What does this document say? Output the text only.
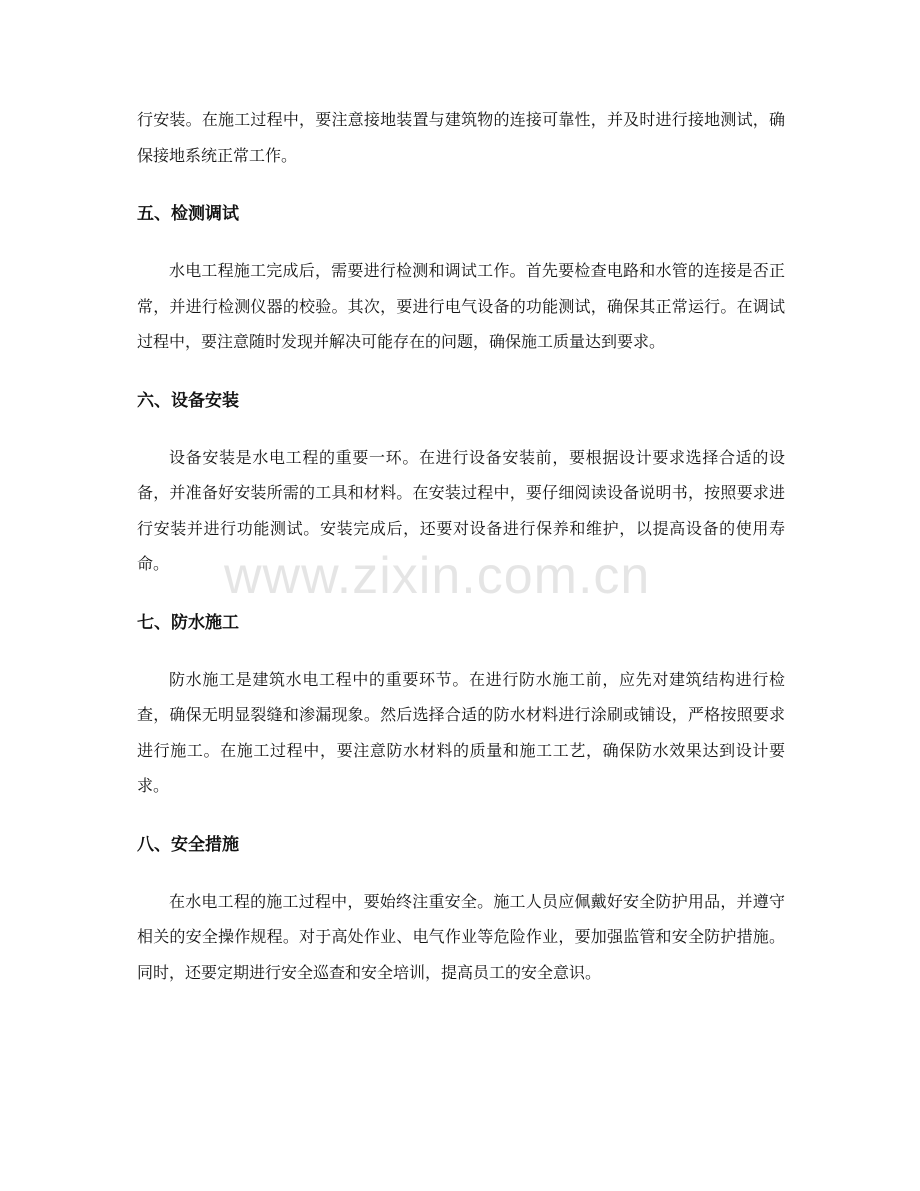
www.zixin.com.cn

行安装。在施工过程中，要注意接地装置与建筑物的连接可靠性，并及时进行接地测试，确保接地系统正常工作。

五、检测调试

水电工程施工完成后，需要进行检测和调试工作。首先要检查电路和水管的连接是否正常，并进行检测仪器的校验。其次，要进行电气设备的功能测试，确保其正常运行。在调试过程中，要注意随时发现并解决可能存在的问题，确保施工质量达到要求。

六、设备安装

设备安装是水电工程的重要一环。在进行设备安装前，要根据设计要求选择合适的设备，并准备好安装所需的工具和材料。在安装过程中，要仔细阅读设备说明书，按照要求进行安装并进行功能测试。安装完成后，还要对设备进行保养和维护，以提高设备的使用寿命。

七、防水施工

防水施工是建筑水电工程中的重要环节。在进行防水施工前，应先对建筑结构进行检查，确保无明显裂缝和渗漏现象。然后选择合适的防水材料进行涂刷或铺设，严格按照要求进行施工。在施工过程中，要注意防水材料的质量和施工工艺，确保防水效果达到设计要求。

八、安全措施

在水电工程的施工过程中，要始终注重安全。施工人员应佩戴好安全防护用品，并遵守相关的安全操作规程。对于高处作业、电气作业等危险作业，要加强监管和安全防护措施。同时，还要定期进行安全巡查和安全培训，提高员工的安全意识。
